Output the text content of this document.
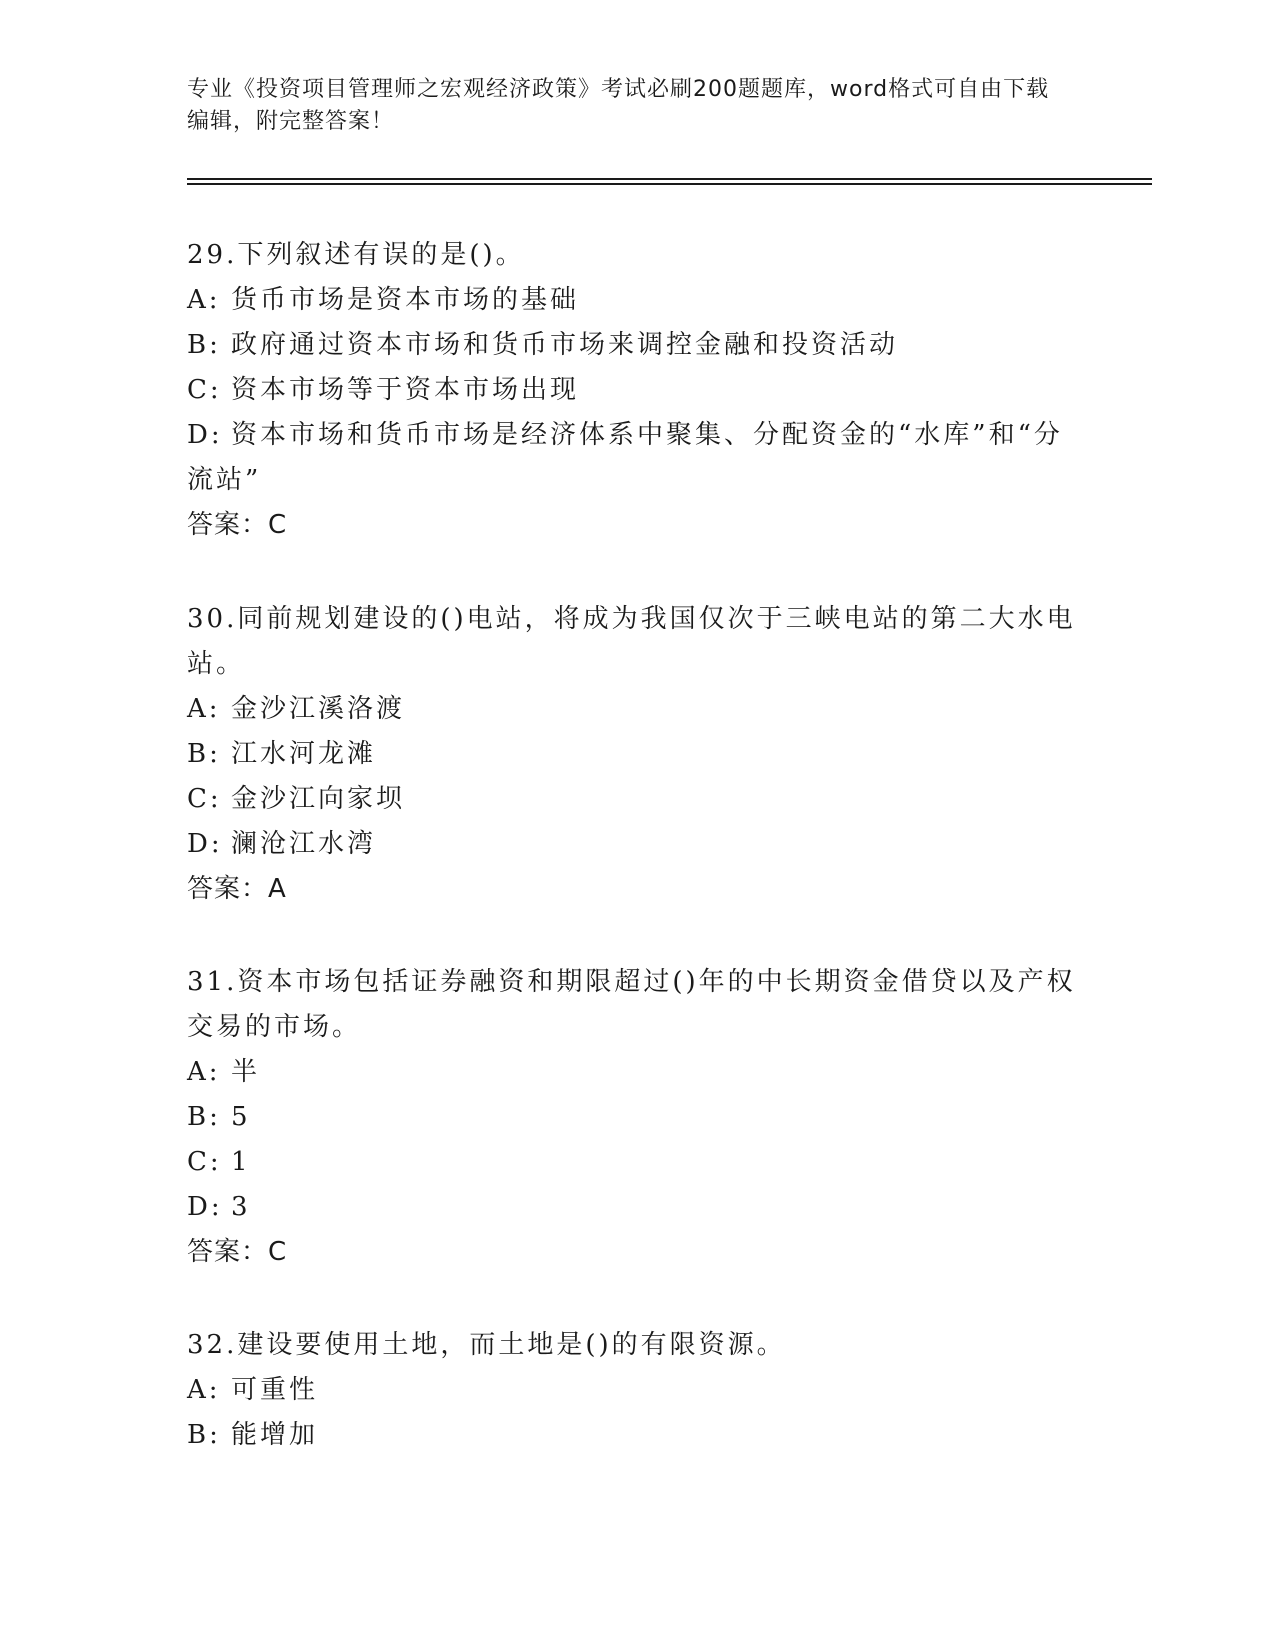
专业《投资项目管理师之宏观经济政策》考试必刷200题题库，word格式可自由下载编辑，附完整答案！

29.下列叙述有误的是()。

A: 货币市场是资本市场的基础

B: 政府通过资本市场和货币市场来调控金融和投资活动

C: 资本市场等于资本市场出现

D: 资本市场和货币市场是经济体系中聚集、分配资金的“水库”和“分流站”

答案：C

30.同前规划建设的()电站，将成为我国仅次于三峡电站的第二大水电站。

A: 金沙江溪洛渡

B: 江水河龙滩

C: 金沙江向家坝

D: 澜沧江水湾

答案：A

31.资本市场包括证券融资和期限超过()年的中长期资金借贷以及产权交易的市场。

A: 半

B: 5

C: 1

D: 3

答案：C

32.建设要使用土地，而土地是()的有限资源。

A: 可重性

B: 能增加
